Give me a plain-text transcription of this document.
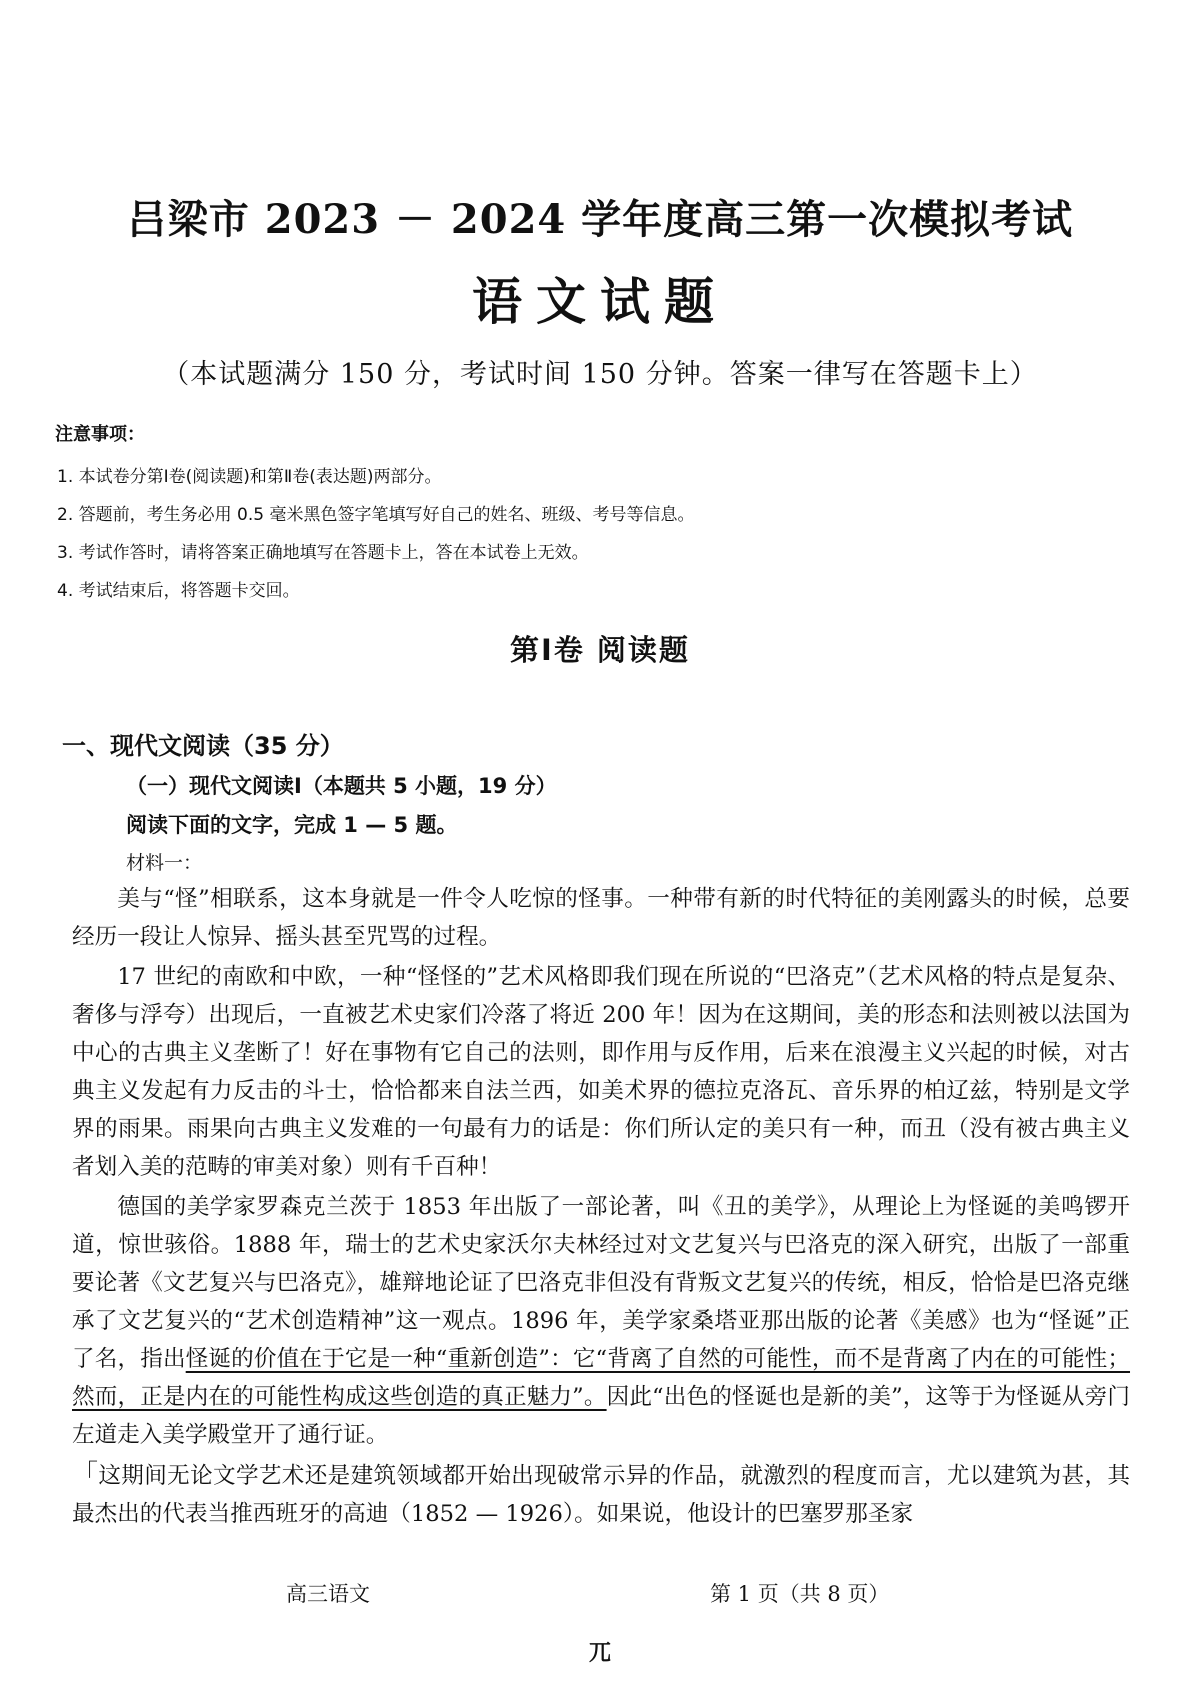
吕梁市 2023 － 2024 学年度高三第一次模拟考试
语文试题
（本试题满分 150 分，考试时间 150 分钟。答案一律写在答题卡上）
注意事项：
1. 本试卷分第Ⅰ卷(阅读题)和第Ⅱ卷(表达题)两部分。
2. 答题前，考生务必用 0.5 毫米黑色签字笔填写好自己的姓名、班级、考号等信息。
3. 考试作答时，请将答案正确地填写在答题卡上，答在本试卷上无效。
4. 考试结束后，将答题卡交回。
第Ⅰ卷 阅读题
一、现代文阅读（35 分）
（一）现代文阅读Ⅰ（本题共 5 小题，19 分）
阅读下面的文字，完成 1 — 5 题。
材料一：

美与“怪”相联系，这本身就是一件令人吃惊的怪事。一种带有新的时代特征的美刚露头的时候，总要经历一段让人惊异、摇头甚至咒骂的过程。

17 世纪的南欧和中欧，一种“怪怪的”艺术风格即我们现在所说的“巴洛克”（艺术风格的特点是复杂、奢侈与浮夸）出现后，一直被艺术史家们冷落了将近 200 年！因为在这期间，美的形态和法则被以法国为中心的古典主义垄断了！好在事物有它自己的法则，即作用与反作用，后来在浪漫主义兴起的时候，对古典主义发起有力反击的斗士，恰恰都来自法兰西，如美术界的德拉克洛瓦、音乐界的柏辽兹，特别是文学界的雨果。雨果向古典主义发难的一句最有力的话是：你们所认定的美只有一种，而丑（没有被古典主义者划入美的范畴的审美对象）则有千百种！

德国的美学家罗森克兰茨于 1853 年出版了一部论著，叫《丑的美学》，从理论上为怪诞的美鸣锣开道，惊世骇俗。1888 年，瑞士的艺术史家沃尔夫林经过对文艺复兴与巴洛克的深入研究，出版了一部重要论著《文艺复兴与巴洛克》，雄辩地论证了巴洛克非但没有背叛文艺复兴的传统，相反，恰恰是巴洛克继承了文艺复兴的“艺术创造精神”这一观点。1896 年，美学家桑塔亚那出版的论著《美感》也为“怪诞”正了名，指出怪诞的价值在于它是一种“重新创造”：它“背离了自然的可能性，而不是背离了内在的可能性；然而，正是内在的可能性构成这些创造的真正魅力”。因此“出色的怪诞也是新的美”，这等于为怪诞从旁门左道走入美学殿堂开了通行证。

「这期间无论文学艺术还是建筑领域都开始出现破常示异的作品，就激烈的程度而言，尤以建筑为甚，其最杰出的代表当推西班牙的高迪（1852 — 1926）。如果说，他设计的巴塞罗那圣家

高三语文	第 1 页（共 8 页）
兀
